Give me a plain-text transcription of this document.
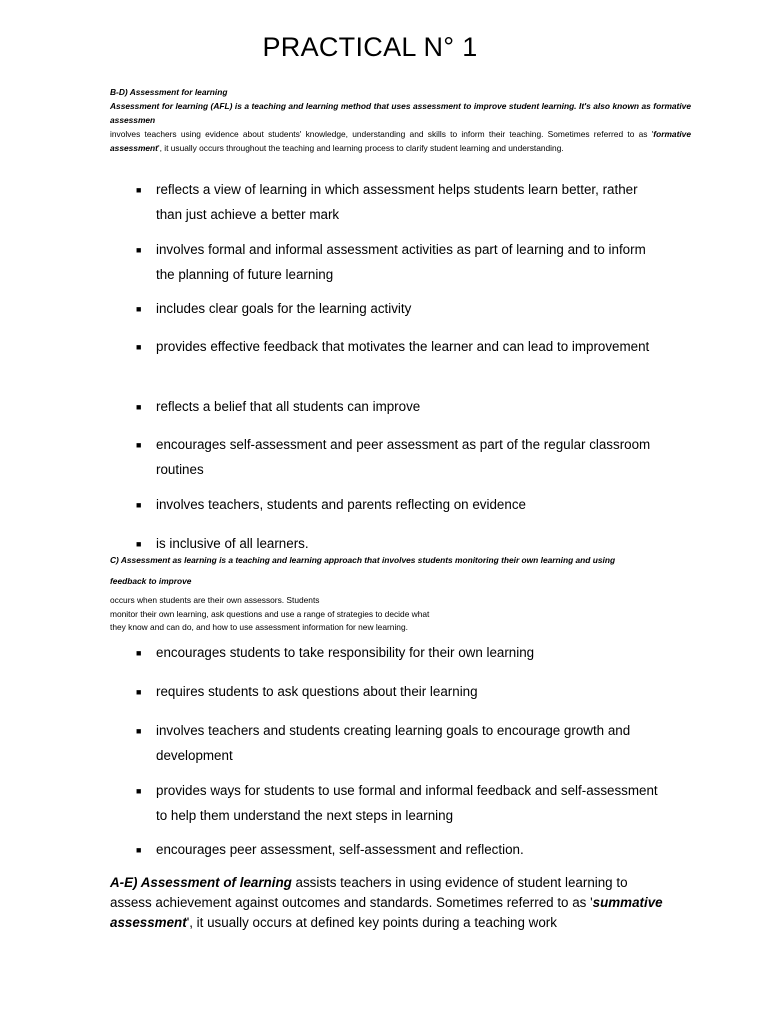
PRACTICAL N° 1
B-D) Assessment for learning
Assessment for learning (AFL) is a teaching and learning method that uses assessment to improve student learning. It's also known as formative assessmen
involves teachers using evidence about students' knowledge, understanding and skills to inform their teaching. Sometimes referred to as 'formative assessment', it usually occurs throughout the teaching and learning process to clarify student learning and understanding.
■ reflects a view of learning in which assessment helps students learn better, rather than just achieve a better mark
■ involves formal and informal assessment activities as part of learning and to inform the planning of future learning
■ includes clear goals for the learning activity
■ provides effective feedback that motivates the learner and can lead to improvement
■ reflects a belief that all students can improve
■ encourages self-assessment and peer assessment as part of the regular classroom routines
■ involves teachers, students and parents reflecting on evidence
■ is inclusive of all learners.
C) Assessment as learning is a teaching and learning approach that involves students monitoring their own learning and using
feedback to improve
occurs when students are their own assessors. Students
monitor their own learning, ask questions and use a range of strategies to decide what
they know and can do, and how to use assessment information for new learning.
■ encourages students to take responsibility for their own learning
■ requires students to ask questions about their learning
■ involves teachers and students creating learning goals to encourage growth and development
■ provides ways for students to use formal and informal feedback and self-assessment to help them understand the next steps in learning
■ encourages peer assessment, self-assessment and reflection.
A-E) Assessment of learning assists teachers in using evidence of student learning to assess achievement against outcomes and standards. Sometimes referred to as 'summative assessment', it usually occurs at defined key points during a teaching work
